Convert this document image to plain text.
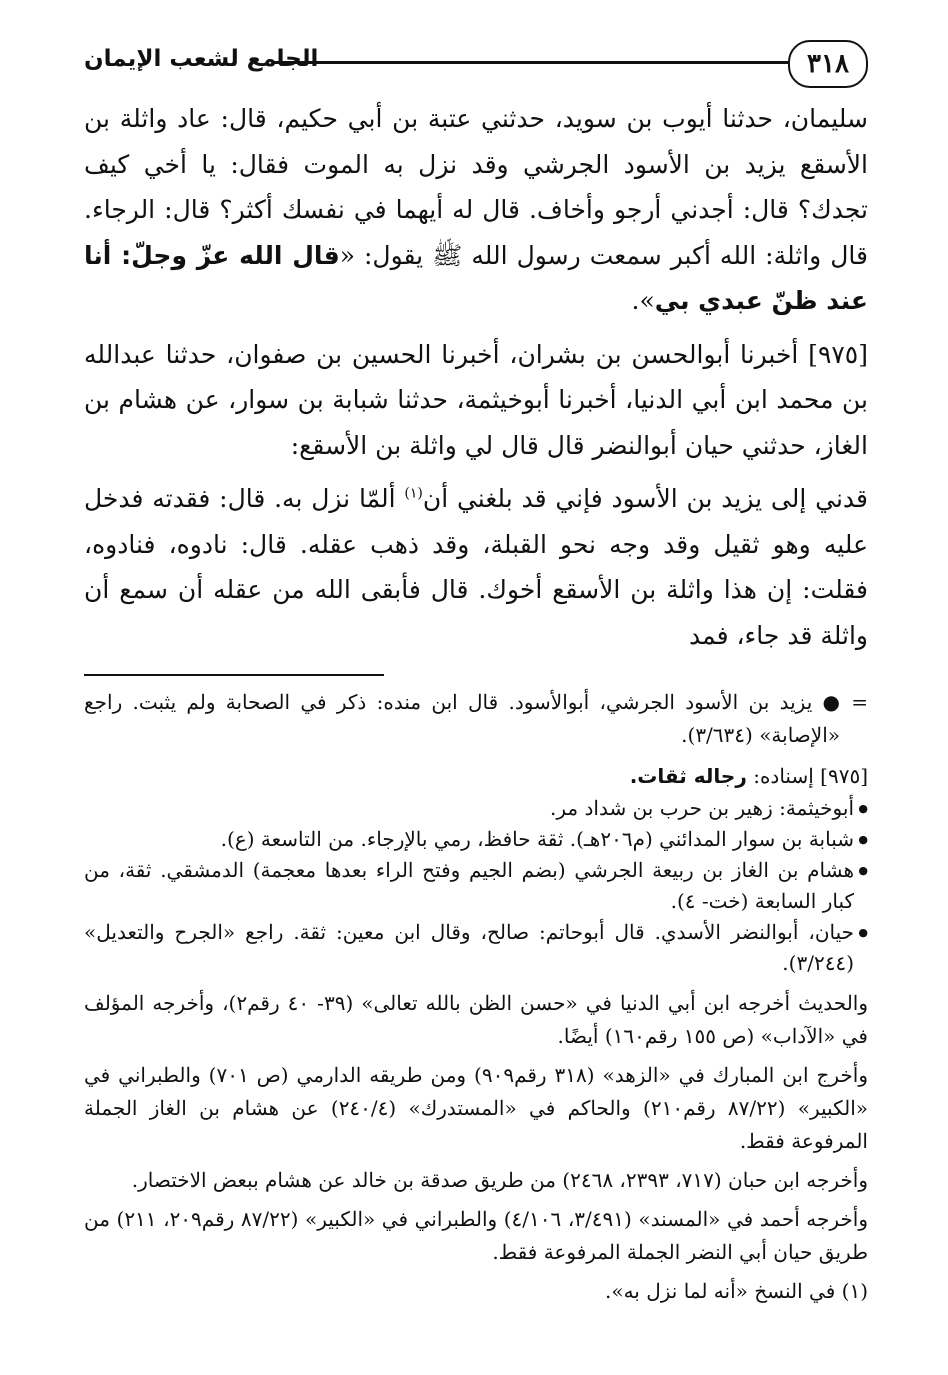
٣١٨
الجامع لشعب الإيمان

سليمان، حدثنا أيوب بن سويد، حدثني عتبة بن أبي حكيم، قال: عاد واثلة بن الأسقع يزيد بن الأسود الجرشي وقد نزل به الموت فقال: يا أخي كيف تجدك؟ قال: أجدني أرجو وأخاف. قال له أيهما في نفسك أكثر؟ قال: الرجاء. قال واثلة: الله أكبر سمعت رسول الله ﷺ يقول: «قال الله عزّ وجلّ: أنا عند ظنّ عبدي بي».

[٩٧٥] أخبرنا أبوالحسن بن بشران، أخبرنا الحسين بن صفوان، حدثنا عبدالله بن محمد ابن أبي الدنيا، أخبرنا أبوخيثمة، حدثنا شبابة بن سوار، عن هشام بن الغاز، حدثني حيان أبوالنضر قال قال لي واثلة بن الأسقع:

قدني إلى يزيد بن الأسود فإني قد بلغني أن$^{(١)}$ ألمّا نزل به. قال: فقدته فدخل عليه وهو ثقيل وقد وجه نحو القبلة، وقد ذهب عقله. قال: نادوه، فنادوه، فقلت: إن هذا واثلة بن الأسقع أخوك. قال فأبقى الله من عقله أن سمع أن واثلة قد جاء، فمد

=
● يزيد بن الأسود الجرشي، أبوالأسود. قال ابن منده: ذكر في الصحابة ولم يثبت. راجع «الإصابة» (٣/٦٣٤).

[٩٧٥] إسناده: رجاله ثقات.

● أبوخيثمة: زهير بن حرب بن شداد مر.
● شبابة بن سوار المدائني (م٢٠٦هـ). ثقة حافظ، رمي بالإرجاء. من التاسعة (ع).
● هشام بن الغاز بن ربيعة الجرشي (بضم الجيم وفتح الراء بعدها معجمة) الدمشقي. ثقة، من كبار السابعة (خت- ٤).
● حيان، أبوالنضر الأسدي. قال أبوحاتم: صالح، وقال ابن معين: ثقة. راجع «الجرح والتعديل» (٣/٢٤٤).

والحديث أخرجه ابن أبي الدنيا في «حسن الظن بالله تعالى» (٣٩- ٤٠ رقم٢)، وأخرجه المؤلف في «الآداب» (ص ١٥٥ رقم١٦٠) أيضًا.

وأخرج ابن المبارك في «الزهد» (٣١٨ رقم٩٠٩) ومن طريقه الدارمي (ص ٧٠١) والطبراني في «الكبير» (٨٧/٢٢ رقم٢١٠) والحاكم في «المستدرك» (٢٤٠/٤) عن هشام بن الغاز الجملة المرفوعة فقط.

وأخرجه ابن حبان (٧١٧، ٢٣٩٣، ٢٤٦٨) من طريق صدقة بن خالد عن هشام ببعض الاختصار.

وأخرجه أحمد في «المسند» (٣/٤٩١، ٤/١٠٦) والطبراني في «الكبير» (٨٧/٢٢ رقم٢٠٩، ٢١١) من طريق حيان أبي النضر الجملة المرفوعة فقط.

(١) في النسخ «أنه لما نزل به».
